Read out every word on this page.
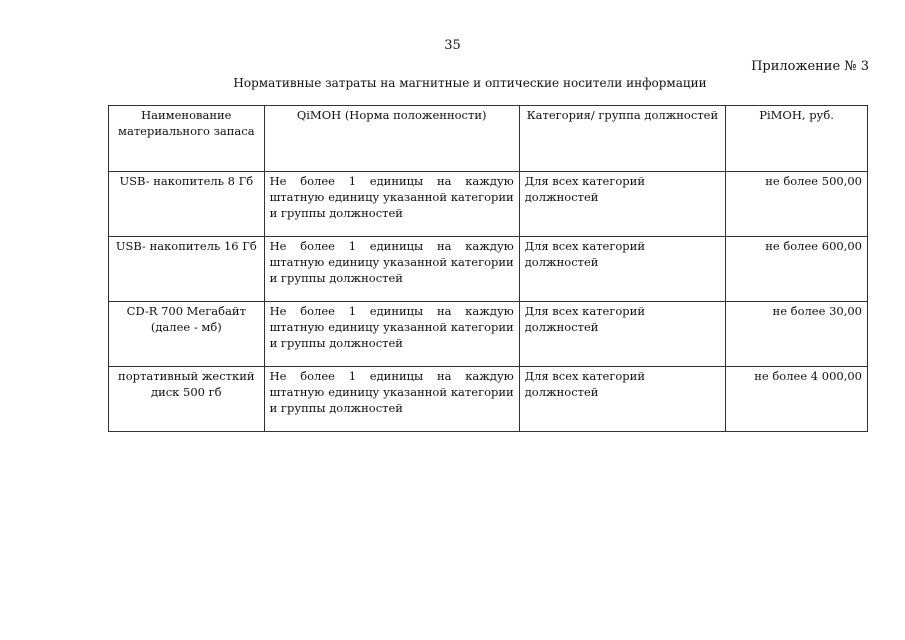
35
Приложение № 3
Нормативные затраты на магнитные и оптические носители информации
Наименование материального запаса	QiМОН (Норма положенности)	Категория/ группа должностей	PiМОН, руб.
USB- накопитель 8 Гб	Не более 1 единицы на каждую штатную единицу указанной категории и группы должностей	Для всех категорий должностей	не более 500,00
USB- накопитель 16 Гб	Не более 1 единицы на каждую штатную единицу указанной категории и группы должностей	Для всех категорий должностей	не более 600,00
CD-R 700 Мегабайт (далее - мб)	Не более 1 единицы на каждую штатную единицу указанной категории и группы должностей	Для всех категорий должностей	не более 30,00
портативный жесткий диск 500 гб	Не более 1 единицы на каждую штатную единицу указанной категории и группы должностей	Для всех категорий должностей	не более 4 000,00
